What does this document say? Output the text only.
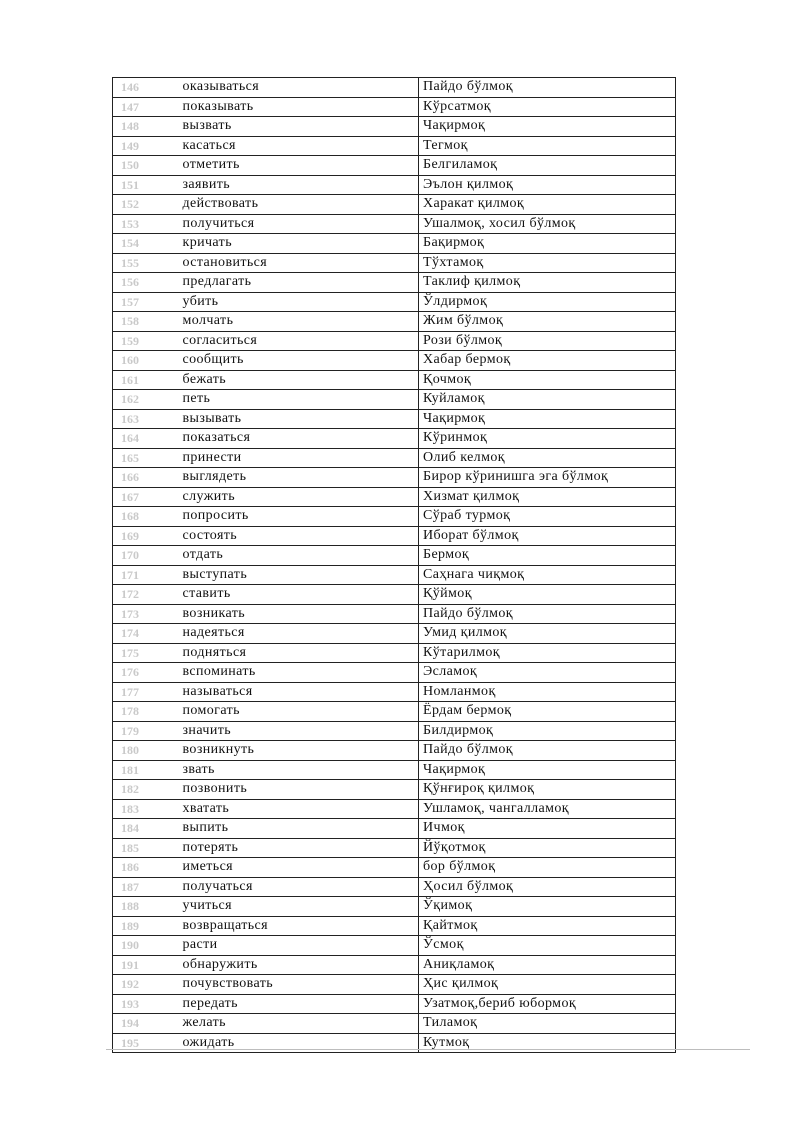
146	оказываться	Пайдо бўлмоқ
147	показывать	Кўрсатмоқ
148	вызвать	Чақирмоқ
149	касаться	Тегмоқ
150	отметить	Белгиламоқ
151	заявить	Эълон қилмоқ
152	действовать	Харакат қилмоқ
153	получиться	Ушалмоқ, хосил бўлмоқ
154	кричать	Бақирмоқ
155	остановиться	Тўхтамоқ
156	предлагать	Таклиф қилмоқ
157	убить	Ўлдирмоқ
158	молчать	Жим бўлмоқ
159	согласиться	Рози бўлмоқ
160	сообщить	Хабар бермоқ
161	бежать	Қочмоқ
162	петь	Куйламоқ
163	вызывать	Чақирмоқ
164	показаться	Кўринмоқ
165	принести	Олиб келмоқ
166	выглядеть	Бирор кўринишга эга бўлмоқ
167	служить	Хизмат қилмоқ
168	попросить	Сўраб турмоқ
169	состоять	Иборат бўлмоқ
170	отдать	Бермоқ
171	выступать	Саҳнага чиқмоқ
172	ставить	Қўймоқ
173	возникать	Пайдо бўлмоқ
174	надеяться	Умид қилмоқ
175	подняться	Кўтарилмоқ
176	вспоминать	Эсламоқ
177	называться	Номланмоқ
178	помогать	Ёрдам бермоқ
179	значить	Билдирмоқ
180	возникнуть	Пайдо бўлмоқ
181	звать	Чақирмоқ
182	позвонить	Қўнғироқ қилмоқ
183	хватать	Ушламоқ, чангалламоқ
184	выпить	Ичмоқ
185	потерять	Йўқотмоқ
186	иметься	бор бўлмоқ
187	получаться	Ҳосил бўлмоқ
188	учиться	Ўқимоқ
189	возвращаться	Қайтмоқ
190	расти	Ўсмоқ
191	обнаружить	Аниқламоқ
192	почувствовать	Ҳис қилмоқ
193	передать	Узатмоқ,бериб юбормоқ
194	желать	Тиламоқ
195	ожидать	Кутмоқ
